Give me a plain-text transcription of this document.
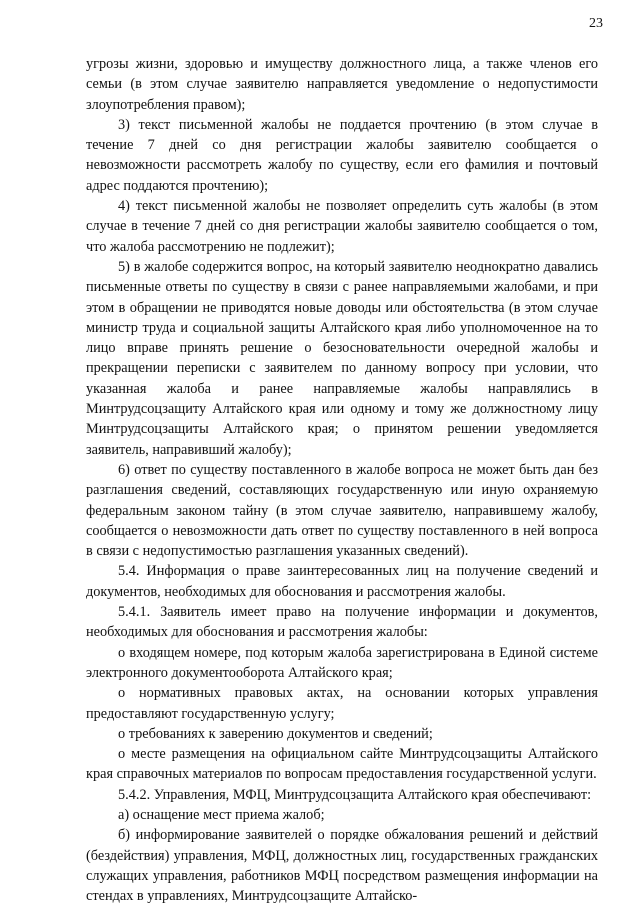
23

угрозы жизни, здоровью и имуществу должностного лица, а также членов его семьи (в этом случае заявителю направляется уведомление о недопустимости злоупотребления правом);

3) текст письменной жалобы не поддается прочтению (в этом случае в течение 7 дней со дня регистрации жалобы заявителю сообщается о невозможности рассмотреть жалобу по существу, если его фамилия и почтовый адрес поддаются прочтению);

4) текст письменной жалобы не позволяет определить суть жалобы (в этом случае в течение 7 дней со дня регистрации жалобы заявителю сообщается о том, что жалоба рассмотрению не подлежит);

5) в жалобе содержится вопрос, на который заявителю неоднократно давались письменные ответы по существу в связи с ранее направляемыми жалобами, и при этом в обращении не приводятся новые доводы или обстоятельства (в этом случае министр труда и социальной защиты Алтайского края либо уполномоченное на то лицо вправе принять решение о безосновательности очередной жалобы и прекращении переписки с заявителем по данному вопросу при условии, что указанная жалоба и ранее направляемые жалобы направлялись в Минтрудсоцзащиту Алтайского края или одному и тому же должностному лицу Минтрудсоцзащиты Алтайского края; о принятом решении уведомляется заявитель, направивший жалобу);

6) ответ по существу поставленного в жалобе вопроса не может быть дан без разглашения сведений, составляющих государственную или иную охраняемую федеральным законом тайну (в этом случае заявителю, направившему жалобу, сообщается о невозможности дать ответ по существу поставленного в ней вопроса в связи с недопустимостью разглашения указанных сведений).

5.4. Информация о праве заинтересованных лиц на получение сведений и документов, необходимых для обоснования и рассмотрения жалобы.

5.4.1. Заявитель имеет право на получение информации и документов, необходимых для обоснования и рассмотрения жалобы:

о входящем номере, под которым жалоба зарегистрирована в Единой системе электронного документооборота Алтайского края;

о нормативных правовых актах, на основании которых управления предоставляют государственную услугу;

о требованиях к заверению документов и сведений;

о месте размещения на официальном сайте Минтрудсоцзащиты Алтайского края справочных материалов по вопросам предоставления государственной услуги.

5.4.2. Управления, МФЦ, Минтрудсоцзащита Алтайского края обеспечивают:

а) оснащение мест приема жалоб;

б) информирование заявителей о порядке обжалования решений и действий (бездействия) управления, МФЦ, должностных лиц, государственных гражданских служащих управления, работников МФЦ посредством размещения информации на стендах в управлениях, Минтрудсоцзащите Алтайско-
